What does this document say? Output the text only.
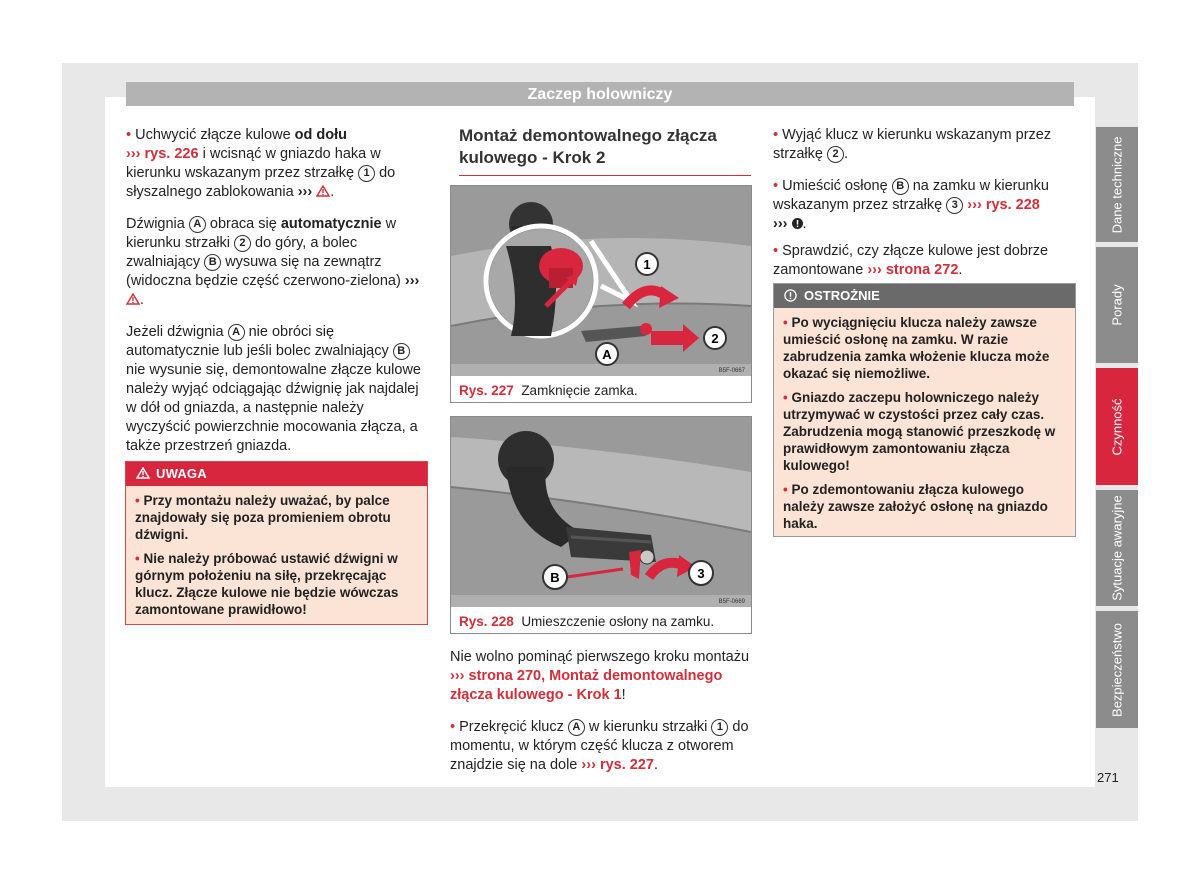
Zaczep holowniczy

• Uchwycić złącze kulowe od dołu
››› rys. 226 i wcisnąć w gniazdo haka w kierunku wskazanym przez strzałkę 1 do słyszalnego zablokowania ››› .

Dźwignia A obraca się automatycznie w kierunku strzałki 2 do góry, a bolec zwalniający B wysuwa się na zewnątrz (widoczna będzie część czerwono-zielona) ››› .

Jeżeli dźwignia A nie obróci się automatycznie lub jeśli bolec zwalniający B nie wysunie się, demontowalne złącze kulowe należy wyjąć odciągając dźwignię jak najdalej w dół od gniazda, a następnie należy wyczyścić powierzchnie mocowania złącza, a także przestrzeń gniazda.

UWAGA

• Przy montażu należy uważać, by palce znajdowały się poza promieniem obrotu dźwigni.

• Nie należy próbować ustawić dźwigni w górnym położeniu na siłę, przekręcając klucz. Złącze kulowe nie będzie wówczas zamontowane prawidłowo!

Montaż demontowalnego złącza kulowego - Krok 2
1
2
A
B5F-0667
Rys. 227 Zamknięcie zamka.
B	3
B5F-0669
Rys. 228 Umieszczenie osłony na zamku.

Nie wolno pominąć pierwszego kroku montażu ››› strona 270, Montaż demontowalnego złącza kulowego - Krok 1!

• Przekręcić klucz A w kierunku strzałki 1 do momentu, w którym część klucza z otworem znajdzie się na dole ››› rys. 227.

• Wyjąć klucz w kierunku wskazanym przez strzałkę 2 .

• Umieścić osłonę B na zamku w kierunku wskazanym przez strzałkę 3 ››› rys. 228
››› .

• Sprawdzić, czy złącze kulowe jest dobrze zamontowane ››› strona 272.

OSTROŻNIE

• Po wyciągnięciu klucza należy zawsze umieścić osłonę na zamku. W razie zabrudzenia zamka włożenie klucza może okazać się niemożliwe.

• Gniazdo zaczepu holowniczego należy utrzymywać w czystości przez cały czas. Zabrudzenia mogą stanowić przeszkodę w prawidłowym zamontowaniu złącza kulowego!

• Po zdemontowaniu złącza kulowego należy zawsze założyć osłonę na gniazdo haka.

Dane techniczne
Porady
Czynność
Sytuacje awaryjne
Bezpieczeństwo
271
